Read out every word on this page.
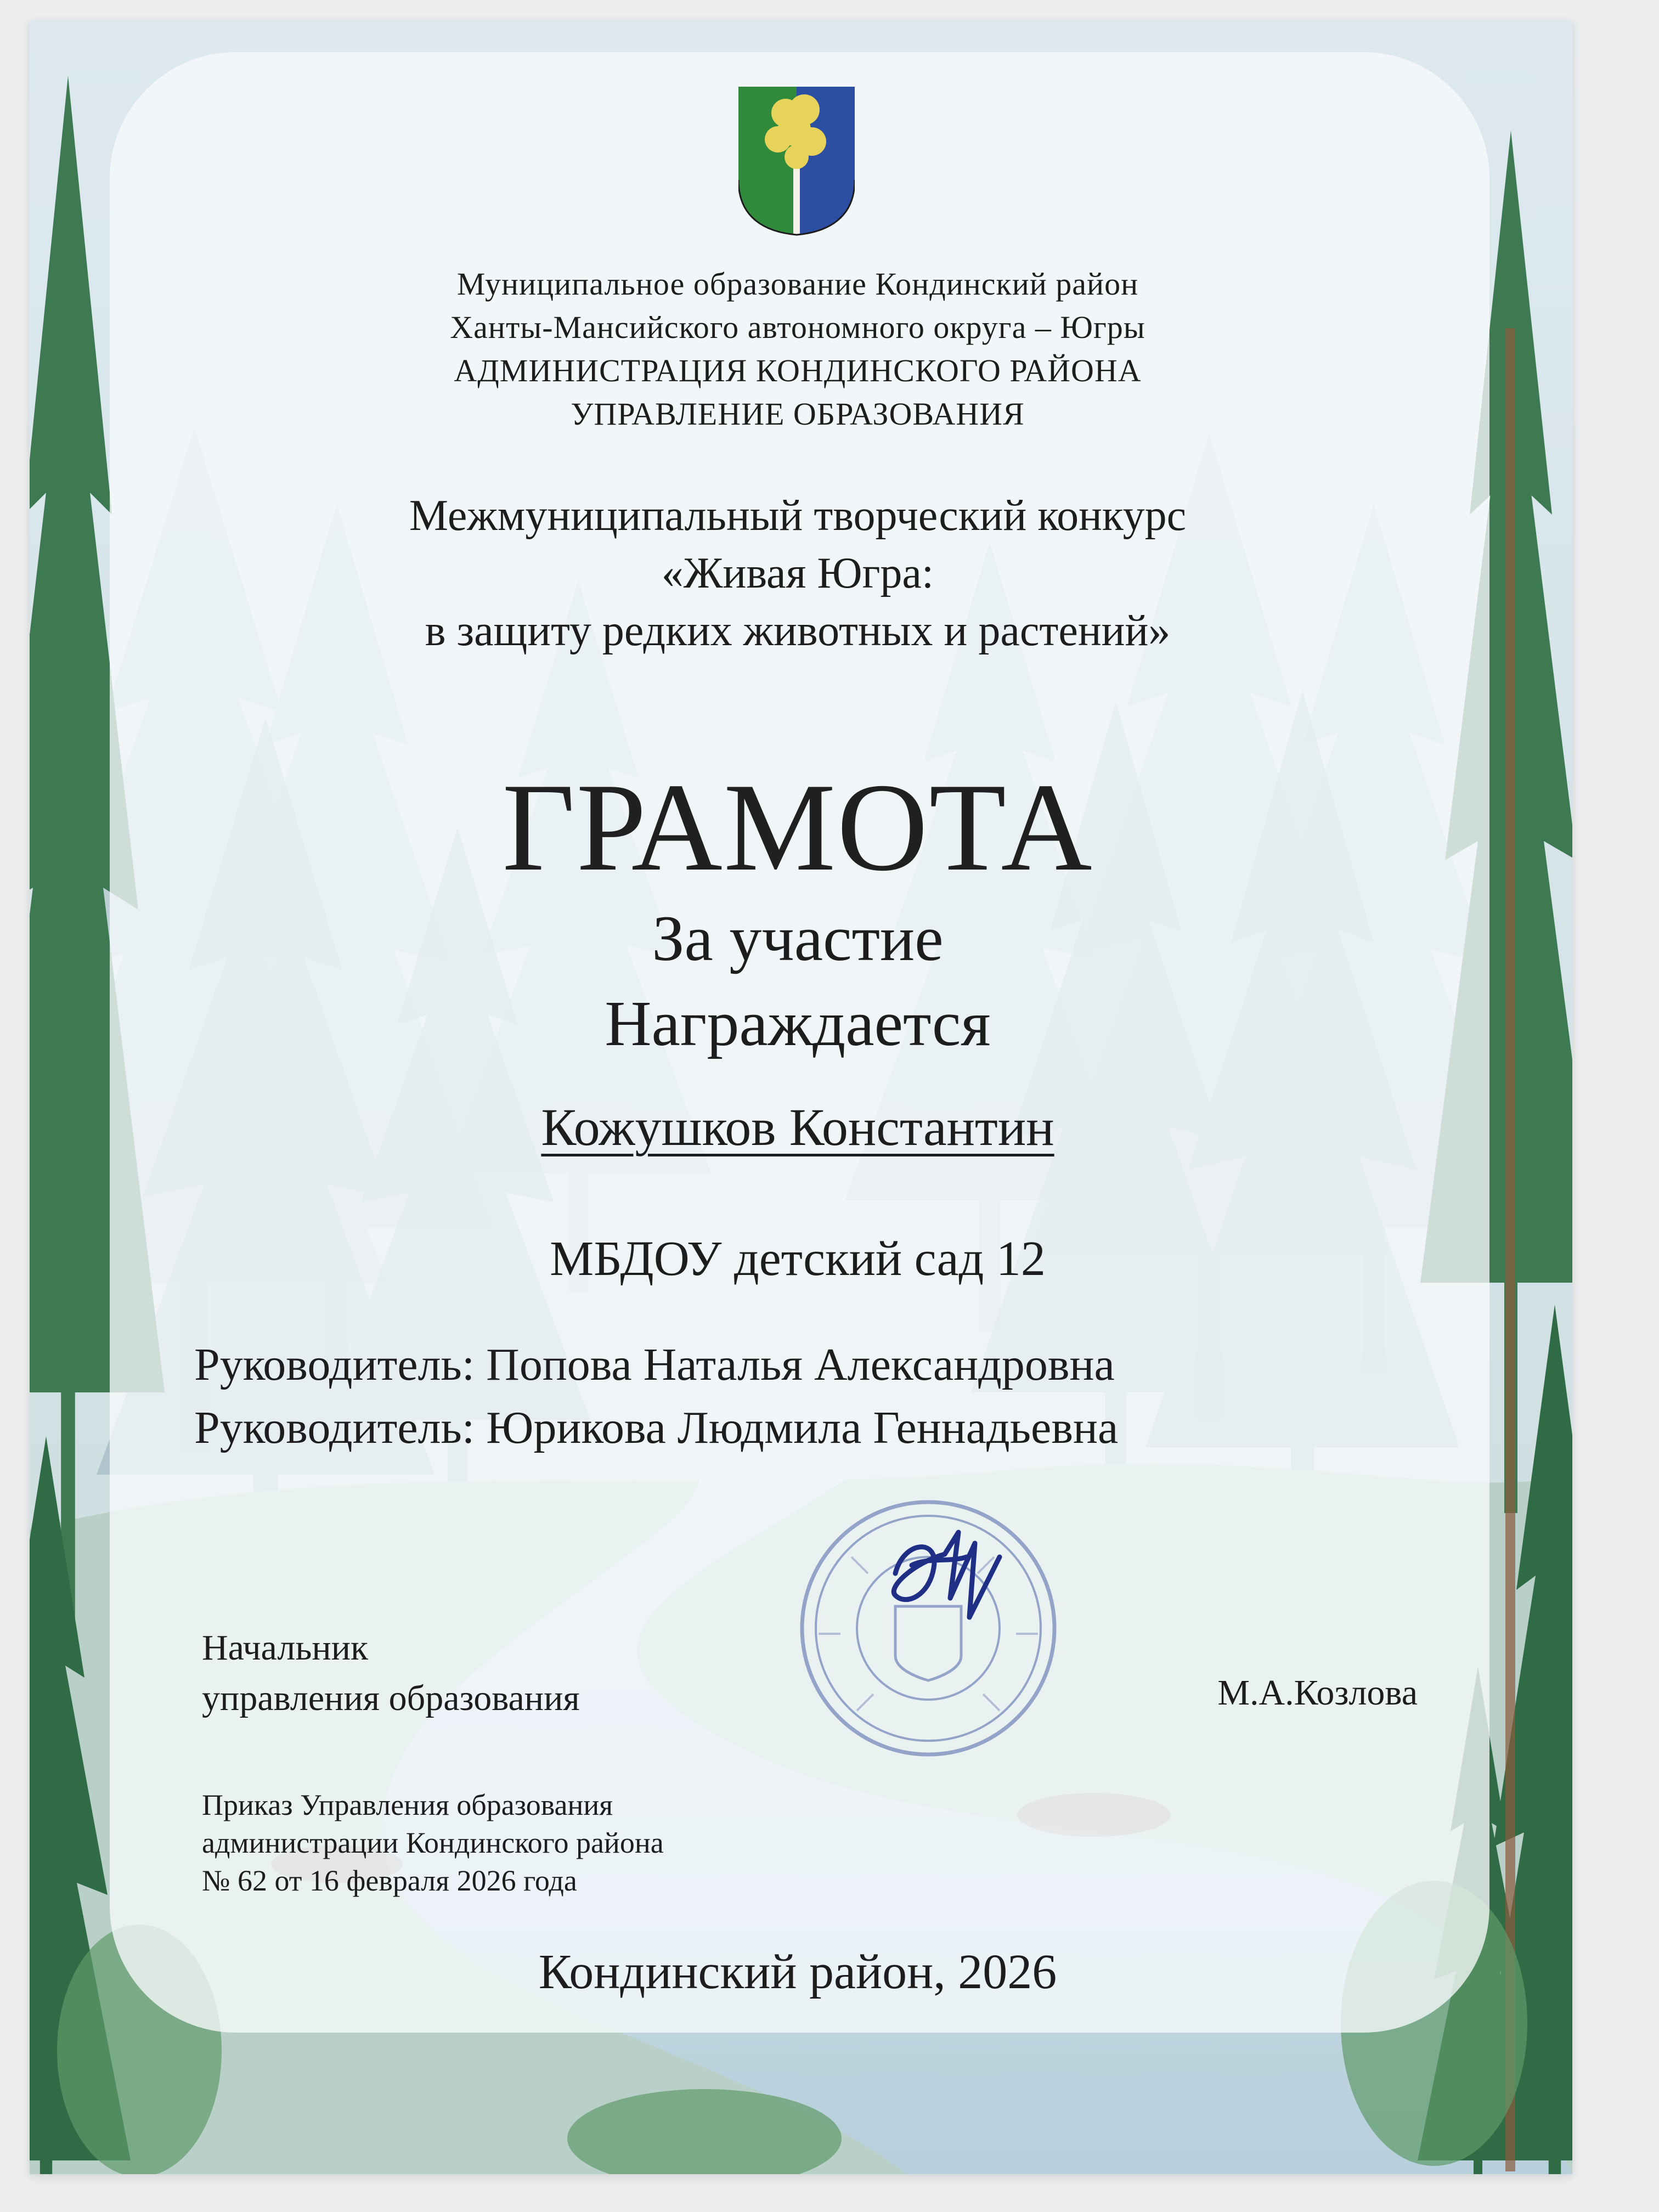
Муниципальное образование Кондинский район
Ханты-Мансийского автономного округа – Югры
АДМИНИСТРАЦИЯ КОНДИНСКОГО РАЙОНА
УПРАВЛЕНИЕ ОБРАЗОВАНИЯ
Межмуниципальный творческий конкурс
«Живая Югра:
в защиту редких животных и растений»
ГРАМОТА
За участие
Награждается
Кожушков Константин
МБДОУ детский сад 12
Руководитель: Попова Наталья Александровна
Руководитель: Юрикова Людмила Геннадьевна
Начальник
управления образования	М.А.Козлова
Приказ Управления образования
администрации Кондинского района
№ 62 от 16 февраля 2026 года
Кондинский район, 2026
